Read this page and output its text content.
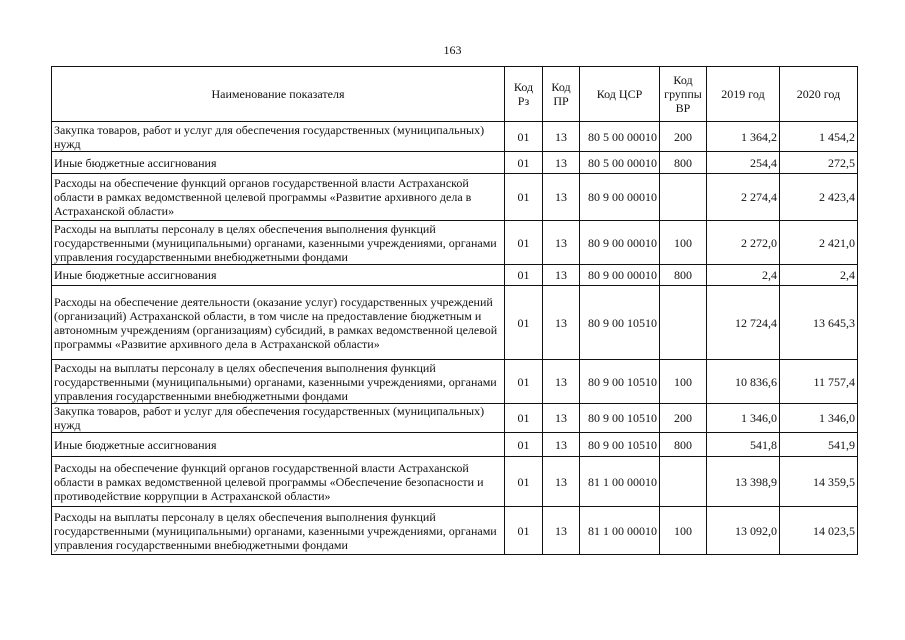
163
Наименование показателя	Код Рз	Код ПР	Код ЦСР	Код группы ВР	2019 год	2020 год
Закупка товаров, работ и услуг для обеспечения государственных (муниципальных) нужд	01	13	80 5 00 00010	200	1 364,2	1 454,2
Иные бюджетные ассигнования	01	13	80 5 00 00010	800	254,4	272,5
Расходы на обеспечение функций органов государственной власти Астраханской области в рамках ведомственной целевой программы «Развитие архивного дела в Астраханской области»	01	13	80 9 00 00010		2 274,4	2 423,4
Расходы на выплаты персоналу в целях обеспечения выполнения функций государственными (муниципальными) органами, казенными учреждениями, органами управления государственными внебюджетными фондами	01	13	80 9 00 00010	100	2 272,0	2 421,0
Иные бюджетные ассигнования	01	13	80 9 00 00010	800	2,4	2,4
Расходы на обеспечение деятельности (оказание услуг) государственных учреждений (организаций) Астраханской области, в том числе на предоставление бюджетным и автономным учреждениям (организациям) субсидий, в рамках ведомственной целевой программы «Развитие архивного дела в Астраханской области»	01	13	80 9 00 10510		12 724,4	13 645,3
Расходы на выплаты персоналу в целях обеспечения выполнения функций государственными (муниципальными) органами, казенными учреждениями, органами управления государственными внебюджетными фондами	01	13	80 9 00 10510	100	10 836,6	11 757,4
Закупка товаров, работ и услуг для обеспечения государственных (муниципальных) нужд	01	13	80 9 00 10510	200	1 346,0	1 346,0
Иные бюджетные ассигнования	01	13	80 9 00 10510	800	541,8	541,9
Расходы на обеспечение функций органов государственной власти Астраханской области в рамках ведомственной целевой программы «Обеспечение безопасности и противодействие коррупции в Астраханской области»	01	13	81 1 00 00010		13 398,9	14 359,5
Расходы на выплаты персоналу в целях обеспечения выполнения функций государственными (муниципальными) органами, казенными учреждениями, органами управления государственными внебюджетными фондами	01	13	81 1 00 00010	100	13 092,0	14 023,5
